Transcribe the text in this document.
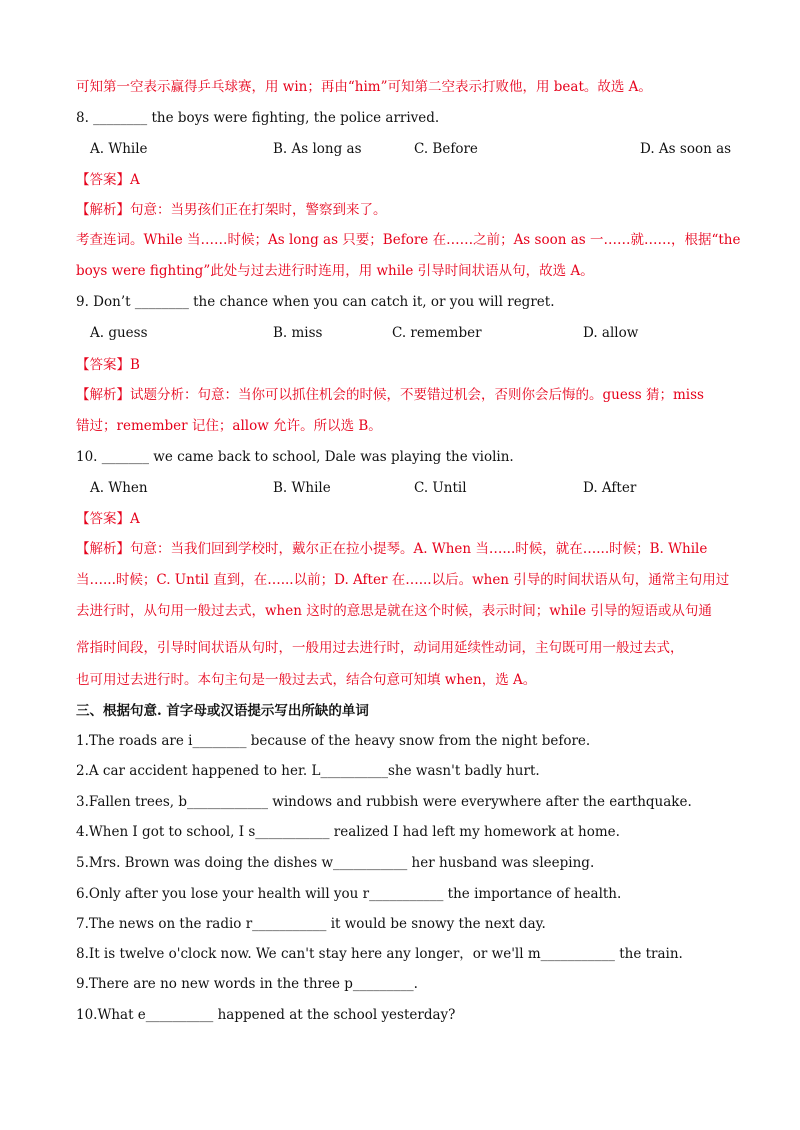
可知第一空表示赢得乒乓球赛，用 win；再由“him”可知第二空表示打败他，用 beat。故选 A。
8. ________ the boys were fighting, the police arrived.
A. While	B. As long as	C. Before	D. As soon as
【答案】A
【解析】句意：当男孩们正在打架时，警察到来了。
考查连词。While 当……时候；As long as 只要；Before 在……之前；As soon as 一……就……，根据“the
boys were fighting”此处与过去进行时连用，用 while 引导时间状语从句，故选 A。
9. Don’t ________ the chance when you can catch it, or you will regret.
A. guess	B. miss	C. remember	D. allow
【答案】B
【解析】试题分析：句意：当你可以抓住机会的时候，不要错过机会，否则你会后悔的。guess 猜；miss
错过；remember 记住；allow 允许。所以选 B。
10. _______ we came back to school, Dale was playing the violin.
A. When	B. While	C. Until	D. After
【答案】A
【解析】句意：当我们回到学校时，戴尔正在拉小提琴。A. When 当…...时候，就在…...时候；B. While
当…...时候；C. Until 直到，在…...以前；D. After 在…...以后。when 引导的时间状语从句，通常主句用过
去进行时，从句用一般过去式，when 这时的意思是就在这个时候，表示时间；while 引导的短语或从句通
常指时间段，引导时间状语从句时，一般用过去进行时，动词用延续性动词，主句既可用一般过去式，
也可用过去进行时。本句主句是一般过去式，结合句意可知填 when，选 A。
三、根据句意. 首字母或汉语提示写出所缺的单词
1.The roads are i________ because of the heavy snow from the night before.
2.A car accident happened to her. L__________she wasn't badly hurt.
3.Fallen trees, b____________ windows and rubbish were everywhere after the earthquake.
4.When I got to school, I s___________ realized I had left my homework at home.
5.Mrs. Brown was doing the dishes w___________ her husband was sleeping.
6.Only after you lose your health will you r___________ the importance of health.
7.The news on the radio r___________ it would be snowy the next day.
8.It is twelve o'clock now. We can't stay here any longer，or we'll m___________ the train.
9.There are no new words in the three p_________.
10.What e__________ happened at the school yesterday?
